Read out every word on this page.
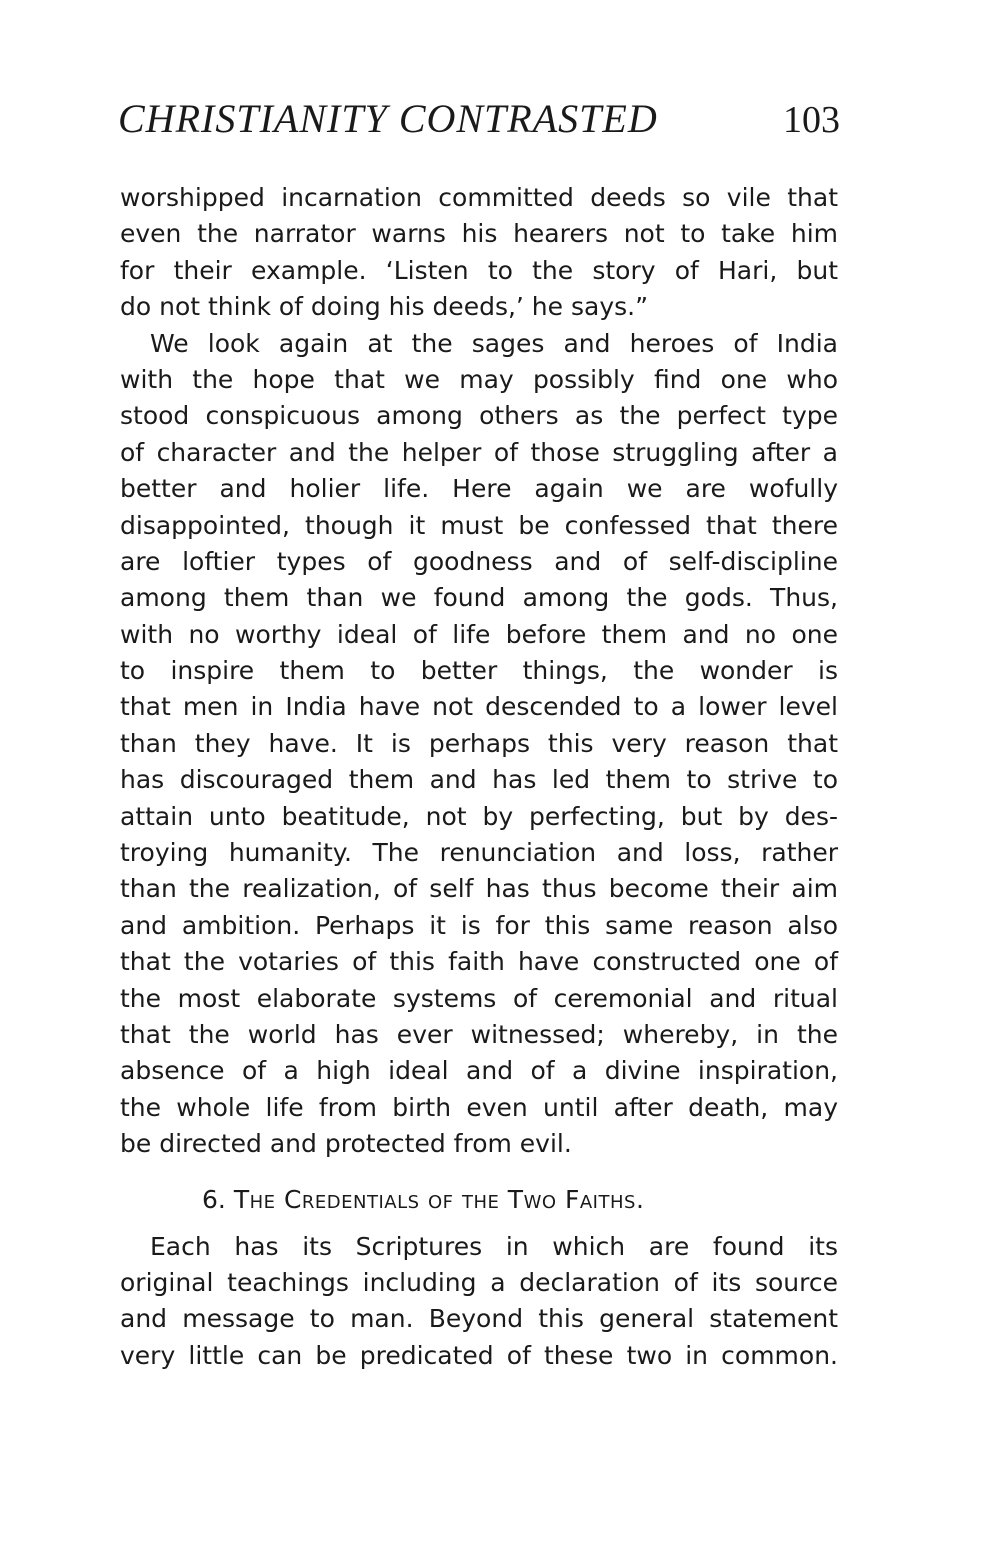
CHRISTIANITY CONTRASTED	103
worshipped incarnation committed deeds so vile that
even the narrator warns his hearers not to take him
for their example. ‘Listen to the story of Hari, but
do not think of doing his deeds,’ he says.”
We look again at the sages and heroes of India
with the hope that we may possibly find one who
stood conspicuous among others as the perfect type
of character and the helper of those struggling after a
better and holier life. Here again we are wofully
disappointed, though it must be confessed that there
are loftier types of goodness and of self-discipline
among them than we found among the gods. Thus,
with no worthy ideal of life before them and no one
to inspire them to better things, the wonder is
that men in India have not descended to a lower level
than they have. It is perhaps this very reason that
has discouraged them and has led them to strive to
attain unto beatitude, not by perfecting, but by des-
troying humanity. The renunciation and loss, rather
than the realization, of self has thus become their aim
and ambition. Perhaps it is for this same reason also
that the votaries of this faith have constructed one of
the most elaborate systems of ceremonial and ritual
that the world has ever witnessed; whereby, in the
absence of a high ideal and of a divine inspiration,
the whole life from birth even until after death, may
be directed and protected from evil.
6. The Credentials of the Two Faiths.
Each has its Scriptures in which are found its
original teachings including a declaration of its source
and message to man. Beyond this general statement
very little can be predicated of these two in common.
